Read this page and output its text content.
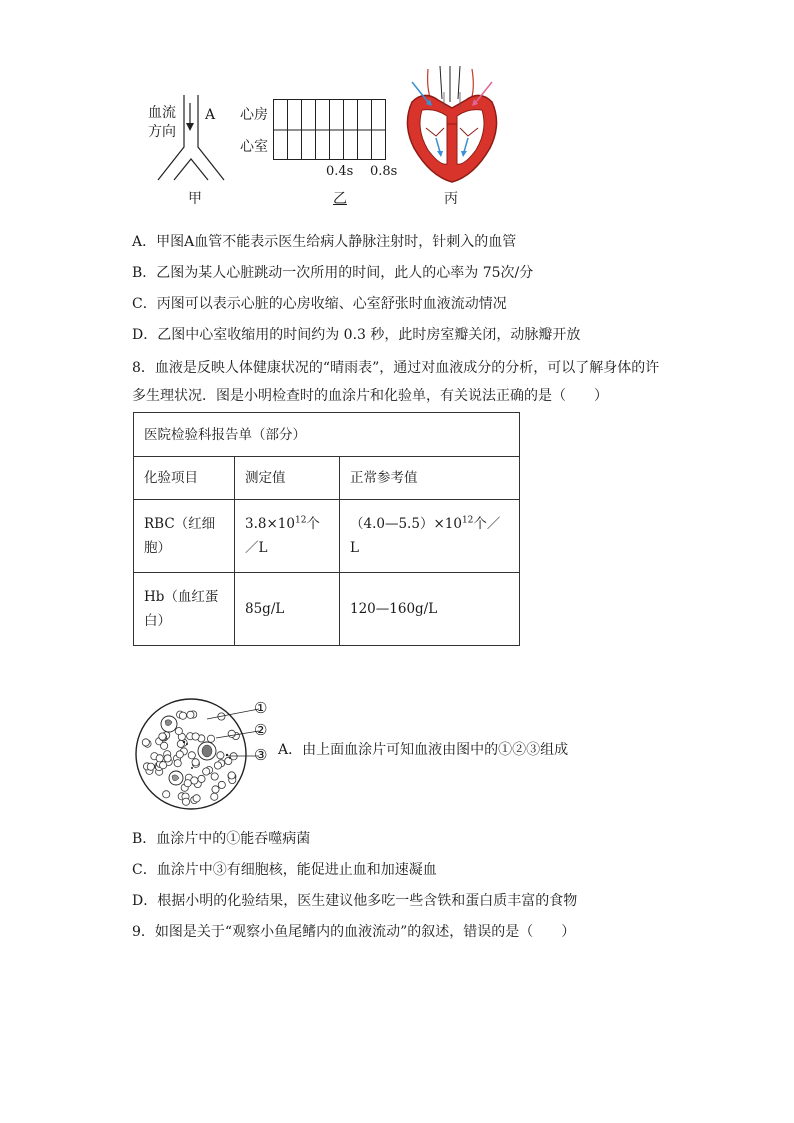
血流
方向
A
甲
心房
心室
0.4s 0.8s
乙	丙
A．甲图A血管不能表示医生给病人静脉注射时，针刺入的血管
B．乙图为某人心脏跳动一次所用的时间，此人的心率为 75次/分
C．丙图可以表示心脏的心房收缩、心室舒张时血液流动情况
D．乙图中心室收缩用的时间约为 0.3 秒，此时房室瓣关闭，动脉瓣开放
8．血液是反映人体健康状况的“晴雨表”，通过对血液成分的分析，可以了解身体的许
多生理状况．图是小明检查时的血涂片和化验单，有关说法正确的是（　　）
医院检验科报告单（部分）		
化验项目	测定值	正常参考值

RBC（红细
胞）	$3.8\times 10^{12}$个／L	$(4.0—5.5)\times 10^{12}$个／L

Hb（血红蛋
白）	85g/L	120—160g/L
①
②
③ A．由上面血涂片可知血液由图中的①②③组成
B．血涂片中的①能吞噬病菌
C．血涂片中③有细胞核，能促进止血和加速凝血
D．根据小明的化验结果，医生建议他多吃一些含铁和蛋白质丰富的食物
9．如图是关于“观察小鱼尾鳍内的血液流动”的叙述，错误的是（　　）
